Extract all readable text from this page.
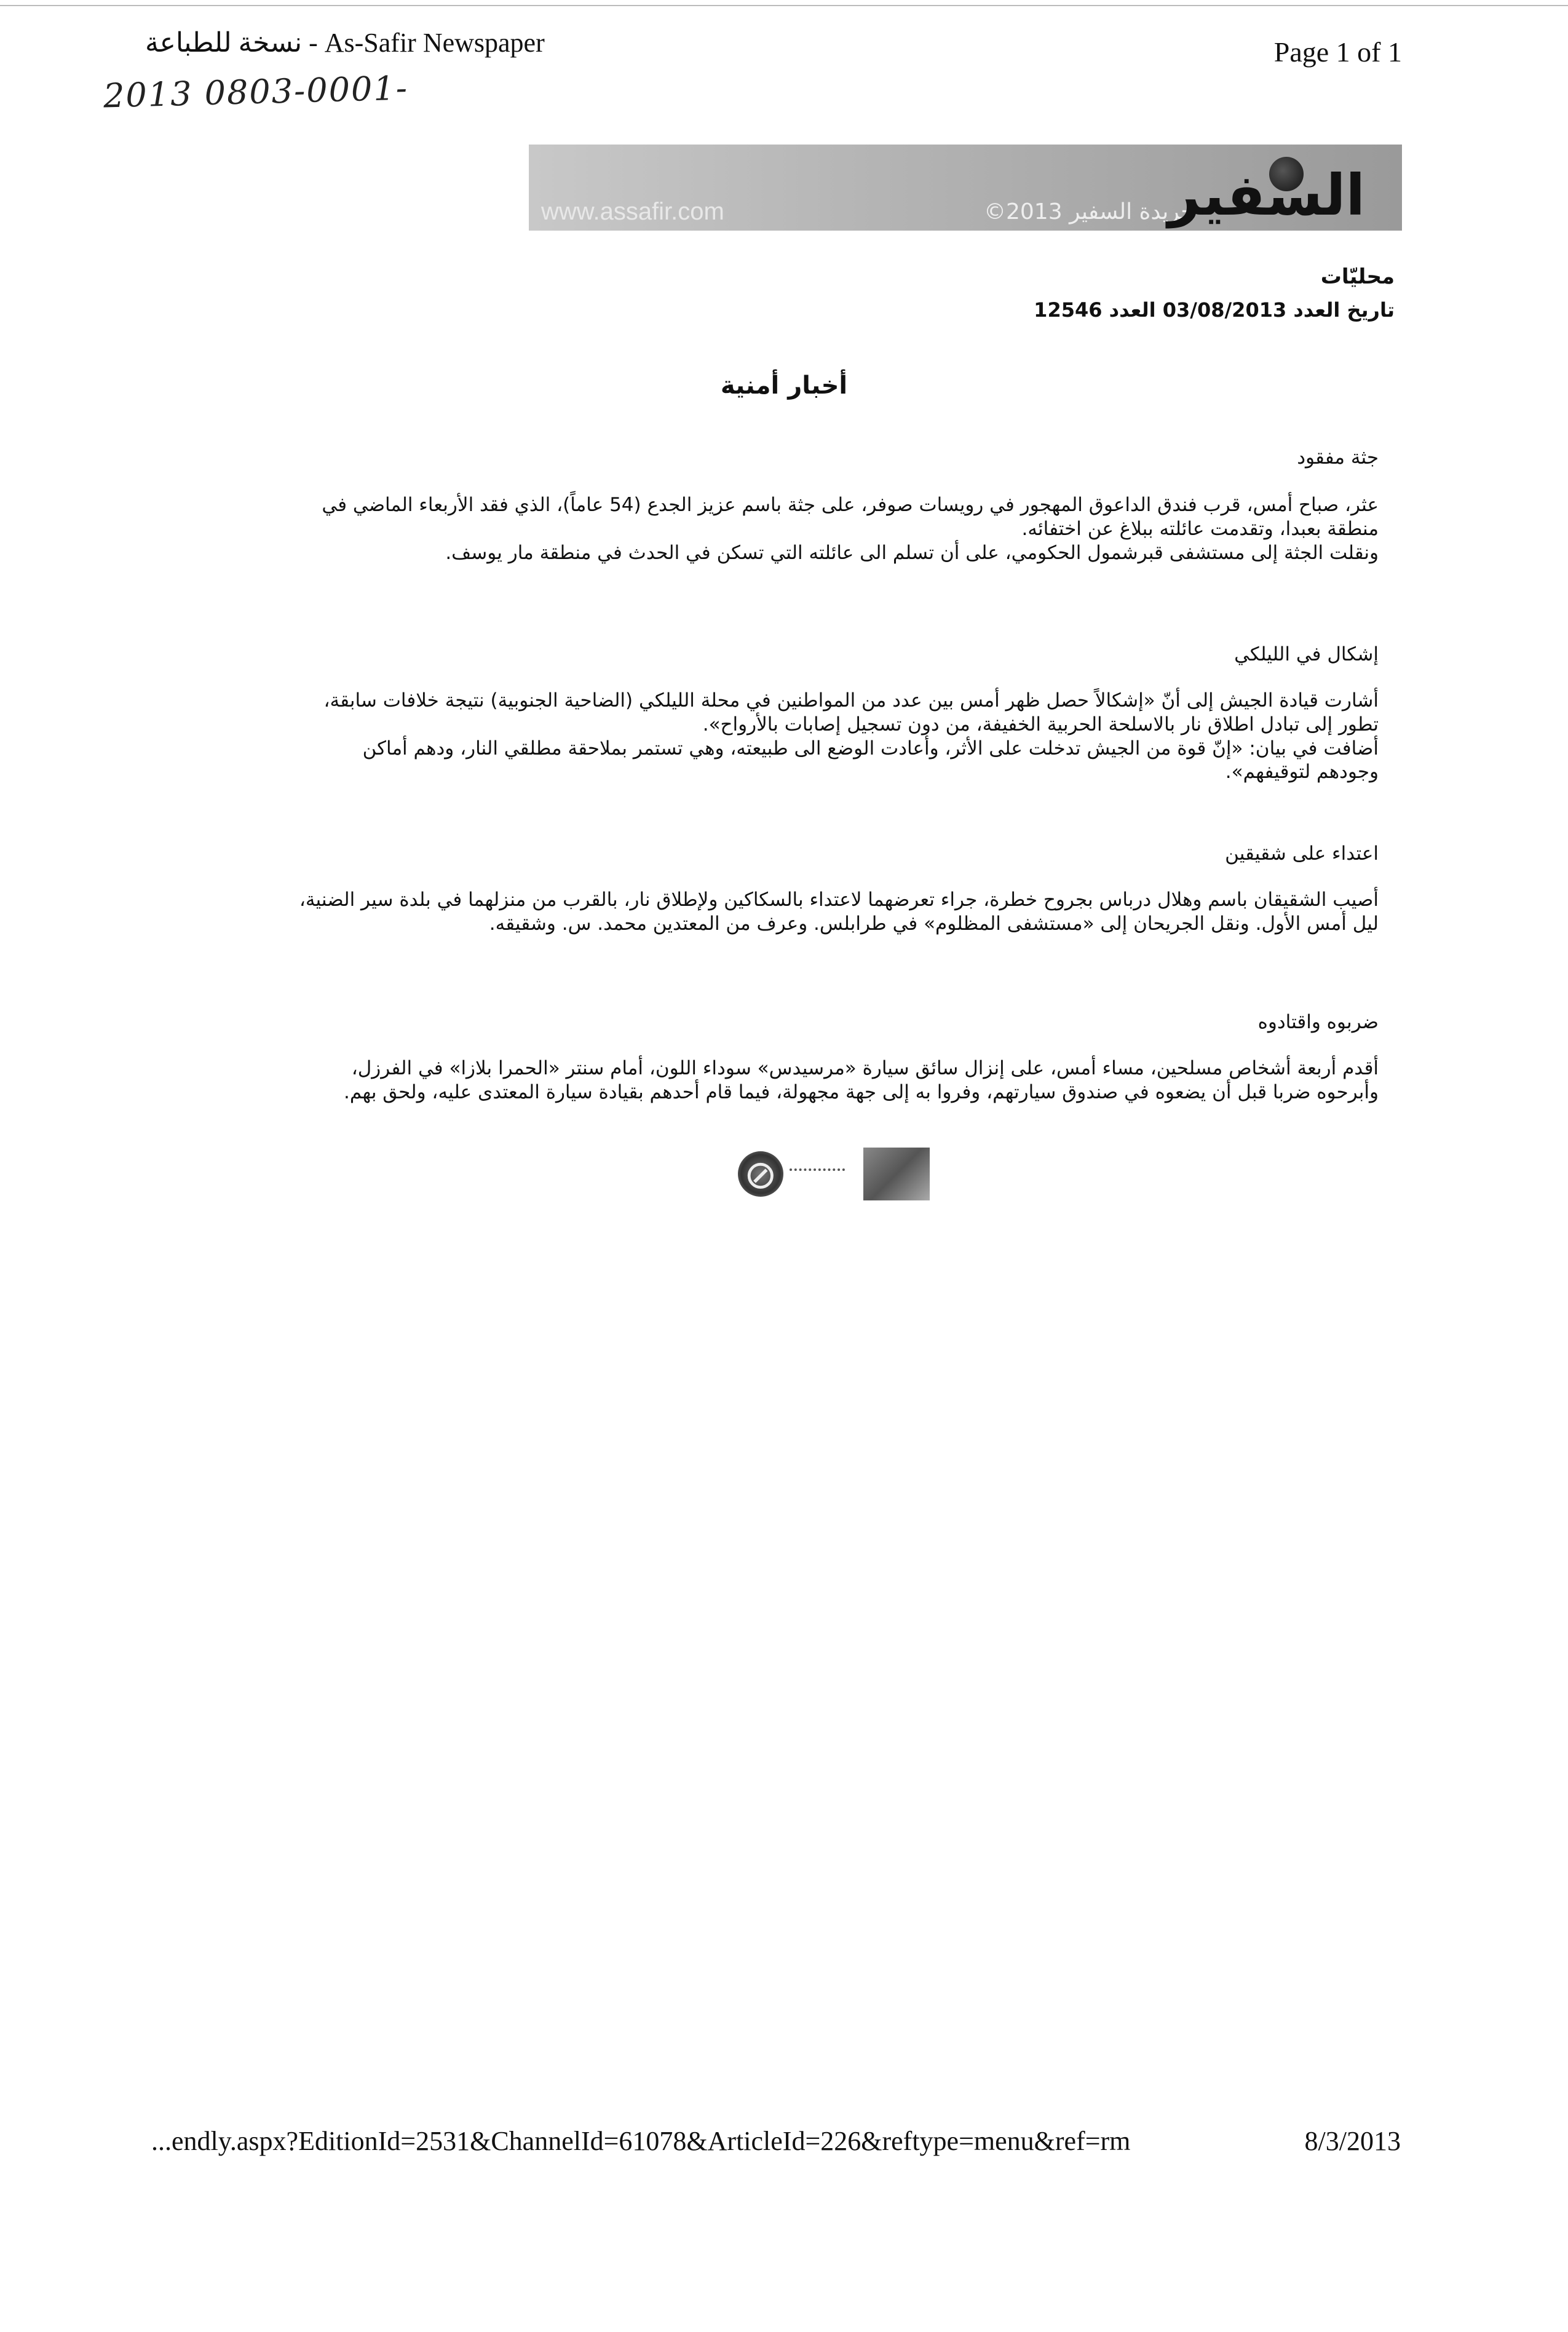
نسخة للطباعة - As-Safir Newspaper	Page 1 of 1
2013 0803-0001-
www.assafir.com	©2013 جريدة السفير
السفير
محليّات
تاريخ العدد 03/08/2013 العدد 12546
أخبار أمنية
جثة مفقود

عثر، صباح أمس، قرب فندق الداعوق المهجور في رويسات صوفر، على جثة باسم عزيز الجدع (54 عاماً)، الذي فقد الأربعاء الماضي في منطقة بعبدا، وتقدمت عائلته ببلاغ عن اختفائه.

ونقلت الجثة إلى مستشفى قبرشمول الحكومي، على أن تسلم الى عائلته التي تسكن في الحدث في منطقة مار يوسف.

إشكال في الليلكي

أشارت قيادة الجيش إلى أنّ «إشكالاً حصل ظهر أمس بين عدد من المواطنين في محلة الليلكي (الضاحية الجنوبية) نتيجة خلافات سابقة، تطور إلى تبادل اطلاق نار بالاسلحة الحربية الخفيفة، من دون تسجيل إصابات بالأرواح».

أضافت في بيان: «إنّ قوة من الجيش تدخلت على الأثر، وأعادت الوضع الى طبيعته، وهي تستمر بملاحقة مطلقي النار، ودهم أماكن وجودهم لتوقيفهم».

اعتداء على شقيقين

أصيب الشقيقان باسم وهلال درباس بجروح خطرة، جراء تعرضهما لاعتداء بالسكاكين ولإطلاق نار، بالقرب من منزلهما في بلدة سير الضنية، ليل أمس الأول. ونقل الجريحان إلى «مستشفى المظلوم» في طرابلس. وعرف من المعتدين محمد. س. وشقيقه.

ضربوه واقتادوه

أقدم أربعة أشخاص مسلحين، مساء أمس، على إنزال سائق سيارة «مرسيدس» سوداء اللون، أمام سنتر «الحمرا بلازا» في الفرزل، وأبرحوه ضربا قبل أن يضعوه في صندوق سيارتهم، وفروا به إلى جهة مجهولة، فيما قام أحدهم بقيادة سيارة المعتدى عليه، ولحق بهم.

⊘
...endly.aspx?EditionId=2531&ChannelId=61078&ArticleId=226&reftype=menu&ref=rm	8/3/2013
